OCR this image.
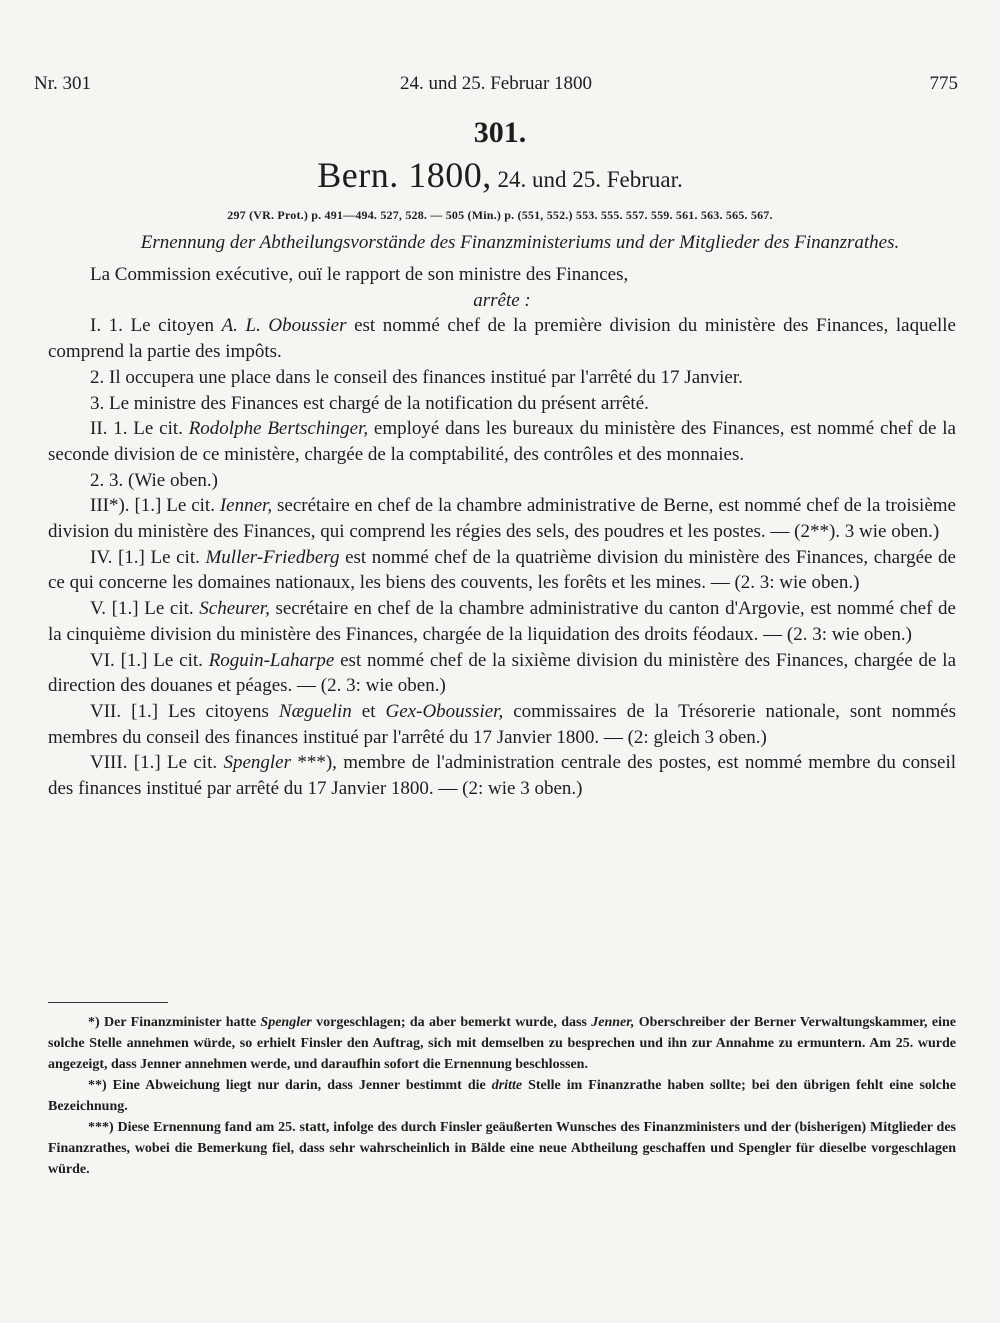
Nr. 301	24. und 25. Februar 1800	775
301.
Bern. 1800, 24. und 25. Februar.
297 (VR. Prot.) p. 491—494. 527, 528. — 505 (Min.) p. (551, 552.) 553. 555. 557. 559. 561. 563. 565. 567.
Ernennung der Abtheilungsvorstände des Finanzministeriums und der Mitglieder des Finanzrathes.

La Commission exécutive, ouï le rapport de son ministre des Finances,

arrête :

I. 1. Le citoyen A. L. Oboussier est nommé chef de la première division du ministère des Finances, laquelle comprend la partie des impôts.

2. Il occupera une place dans le conseil des finances institué par l'arrêté du 17 Janvier.

3. Le ministre des Finances est chargé de la notification du présent arrêté.

II. 1. Le cit. Rodolphe Bertschinger, employé dans les bureaux du ministère des Finances, est nommé chef de la seconde division de ce ministère, chargée de la comptabilité, des contrôles et des monnaies.

2. 3. (Wie oben.)

III*). [1.] Le cit. Ienner, secrétaire en chef de la chambre administrative de Berne, est nommé chef de la troisième division du ministère des Finances, qui comprend les régies des sels, des poudres et les postes. — (2**). 3 wie oben.)

IV. [1.] Le cit. Muller-Friedberg est nommé chef de la quatrième division du ministère des Finances, chargée de ce qui concerne les domaines nationaux, les biens des couvents, les forêts et les mines. — (2. 3: wie oben.)

V. [1.] Le cit. Scheurer, secrétaire en chef de la chambre administrative du canton d'Argovie, est nommé chef de la cinquième division du ministère des Finances, chargée de la liquidation des droits féodaux. — (2. 3: wie oben.)

VI. [1.] Le cit. Roguin-Laharpe est nommé chef de la sixième division du ministère des Finances, chargée de la direction des douanes et péages. — (2. 3: wie oben.)

VII. [1.] Les citoyens Næguelin et Gex-Oboussier, commissaires de la Trésorerie nationale, sont nommés membres du conseil des finances institué par l'arrêté du 17 Janvier 1800. — (2: gleich 3 oben.)

VIII. [1.] Le cit. Spengler ***), membre de l'administration centrale des postes, est nommé membre du conseil des finances institué par arrêté du 17 Janvier 1800. — (2: wie 3 oben.)

*) Der Finanzminister hatte Spengler vorgeschlagen; da aber bemerkt wurde, dass Jenner, Oberschreiber der Berner Verwaltungskammer, eine solche Stelle annehmen würde, so erhielt Finsler den Auftrag, sich mit demselben zu besprechen und ihn zur Annahme zu ermuntern. Am 25. wurde angezeigt, dass Jenner annehmen werde, und daraufhin sofort die Ernennung beschlossen.

**) Eine Abweichung liegt nur darin, dass Jenner bestimmt die dritte Stelle im Finanzrathe haben sollte; bei den übrigen fehlt eine solche Bezeichnung.

***) Diese Ernennung fand am 25. statt, infolge des durch Finsler geäußerten Wunsches des Finanzministers und der (bisherigen) Mitglieder des Finanzrathes, wobei die Bemerkung fiel, dass sehr wahrscheinlich in Bälde eine neue Abtheilung geschaffen und Spengler für dieselbe vorgeschlagen würde.
